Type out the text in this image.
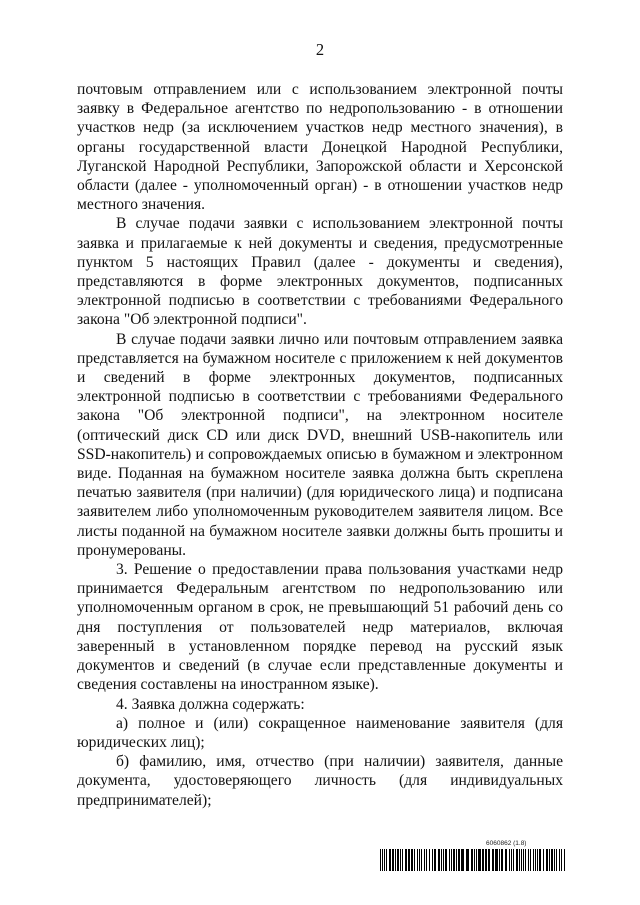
2

почтовым отправлением или с использованием электронной почты заявку в Федеральное агентство по недропользованию - в отношении участков недр (за исключением участков недр местного значения), в органы государственной власти Донецкой Народной Республики, Луганской Народной Республики, Запорожской области и Херсонской области (далее - уполномоченный орган) - в отношении участков недр местного значения.

В случае подачи заявки с использованием электронной почты заявка и прилагаемые к ней документы и сведения, предусмотренные пунктом 5 настоящих Правил (далее - документы и сведения), представляются в форме электронных документов, подписанных электронной подписью в соответствии с требованиями Федерального закона "Об электронной подписи".

В случае подачи заявки лично или почтовым отправлением заявка представляется на бумажном носителе с приложением к ней документов и сведений в форме электронных документов, подписанных электронной подписью в соответствии с требованиями Федерального закона "Об электронной подписи", на электронном носителе (оптический диск CD или диск DVD, внешний USB-накопитель или SSD-накопитель) и сопровождаемых описью в бумажном и электронном виде. Поданная на бумажном носителе заявка должна быть скреплена печатью заявителя (при наличии) (для юридического лица) и подписана заявителем либо уполномоченным руководителем заявителя лицом. Все листы поданной на бумажном носителе заявки должны быть прошиты и пронумерованы.

3. Решение о предоставлении права пользования участками недр принимается Федеральным агентством по недропользованию или уполномоченным органом в срок, не превышающий 51 рабочий день со дня поступления от пользователей недр материалов, включая заверенный в установленном порядке перевод на русский язык документов и сведений (в случае если представленные документы и сведения составлены на иностранном языке).

4. Заявка должна содержать:

а) полное и (или) сокращенное наименование заявителя (для юридических лиц);

б) фамилию, имя, отчество (при наличии) заявителя, данные документа, удостоверяющего личность (для индивидуальных предпринимателей);

6060862 (1.8)
